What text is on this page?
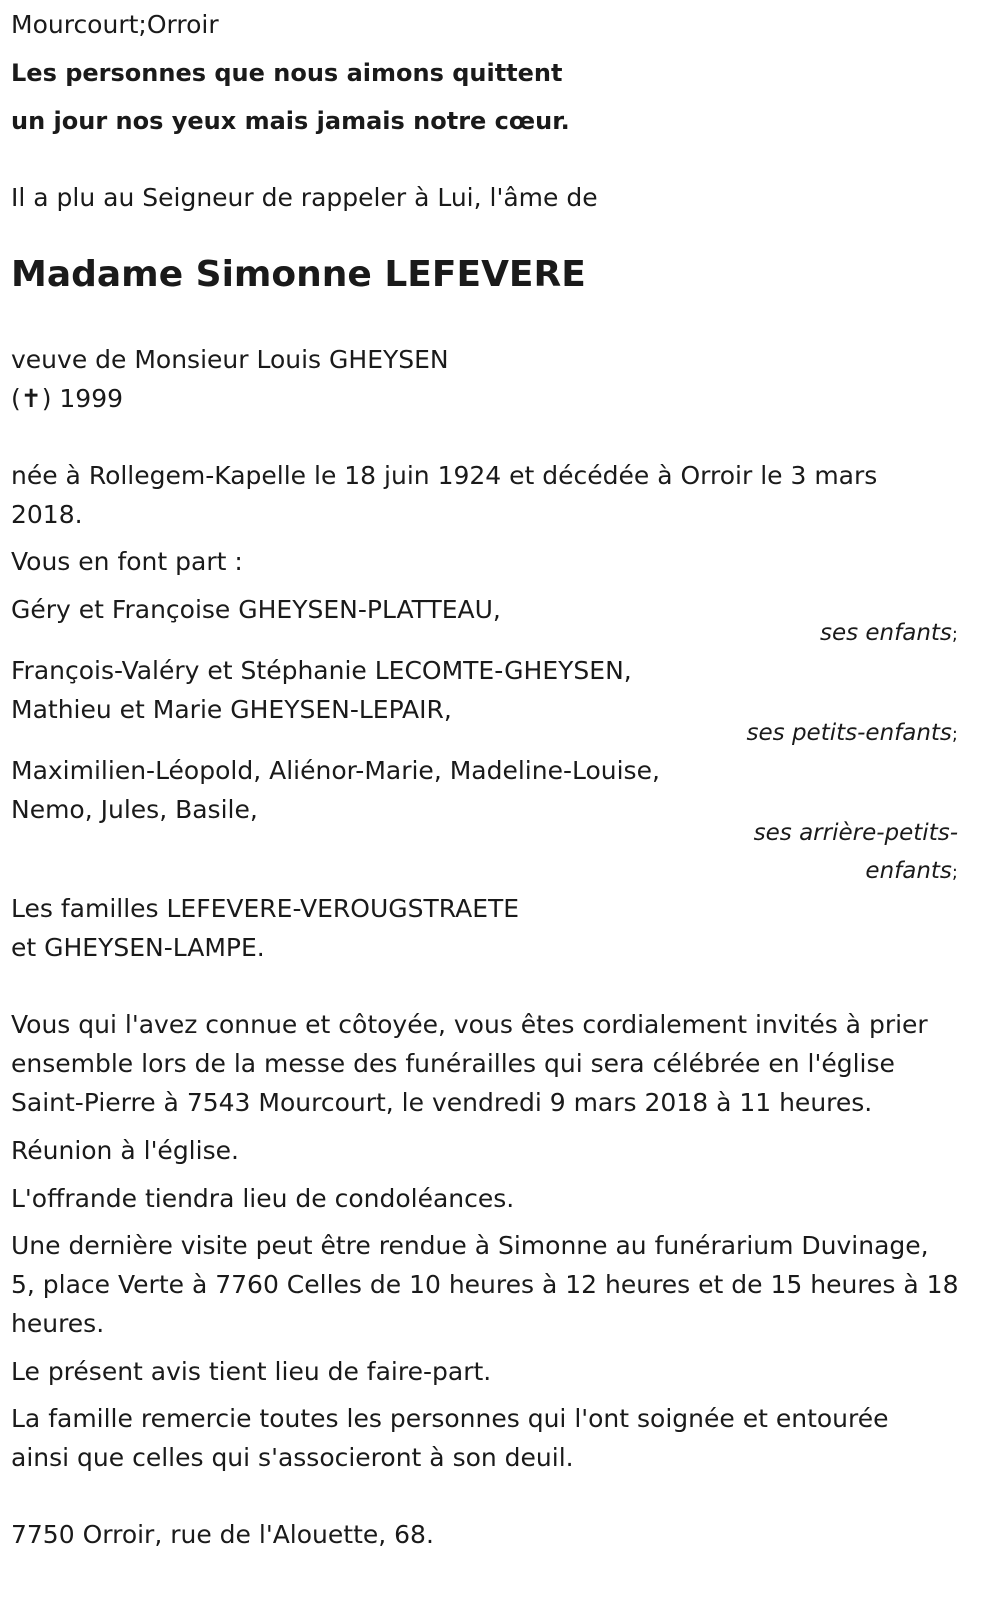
Mourcourt;Orroir

Les personnes que nous aimons quittent

un jour nos yeux mais jamais notre cœur.

Il a plu au Seigneur de rappeler à Lui, l'âme de

Madame Simonne LEFEVERE

veuve de Monsieur Louis GHEYSEN

(✝) 1999

née à Rollegem-Kapelle le 18 juin 1924 et décédée à Orroir le 3 mars

2018.

Vous en font part :

Géry et Françoise GHEYSEN-PLATTEAU,

ses enfants;

François-Valéry et Stéphanie LECOMTE-GHEYSEN,

Mathieu et Marie GHEYSEN-LEPAIR,

ses petits-enfants;

Maximilien-Léopold, Aliénor-Marie, Madeline-Louise,

Nemo, Jules, Basile,

ses arrière-petits-

enfants;

Les familles LEFEVERE-VEROUGSTRAETE

et GHEYSEN-LAMPE.

Vous qui l'avez connue et côtoyée, vous êtes cordialement invités à prier

ensemble lors de la messe des funérailles qui sera célébrée en l'église

Saint-Pierre à 7543 Mourcourt, le vendredi 9 mars 2018 à 11 heures.

Réunion à l'église.

L'offrande tiendra lieu de condoléances.

Une dernière visite peut être rendue à Simonne au funérarium Duvinage,

5, place Verte à 7760 Celles de 10 heures à 12 heures et de 15 heures à 18

heures.

Le présent avis tient lieu de faire-part.

La famille remercie toutes les personnes qui l'ont soignée et entourée

ainsi que celles qui s'associeront à son deuil.

7750 Orroir, rue de l'Alouette, 68.
